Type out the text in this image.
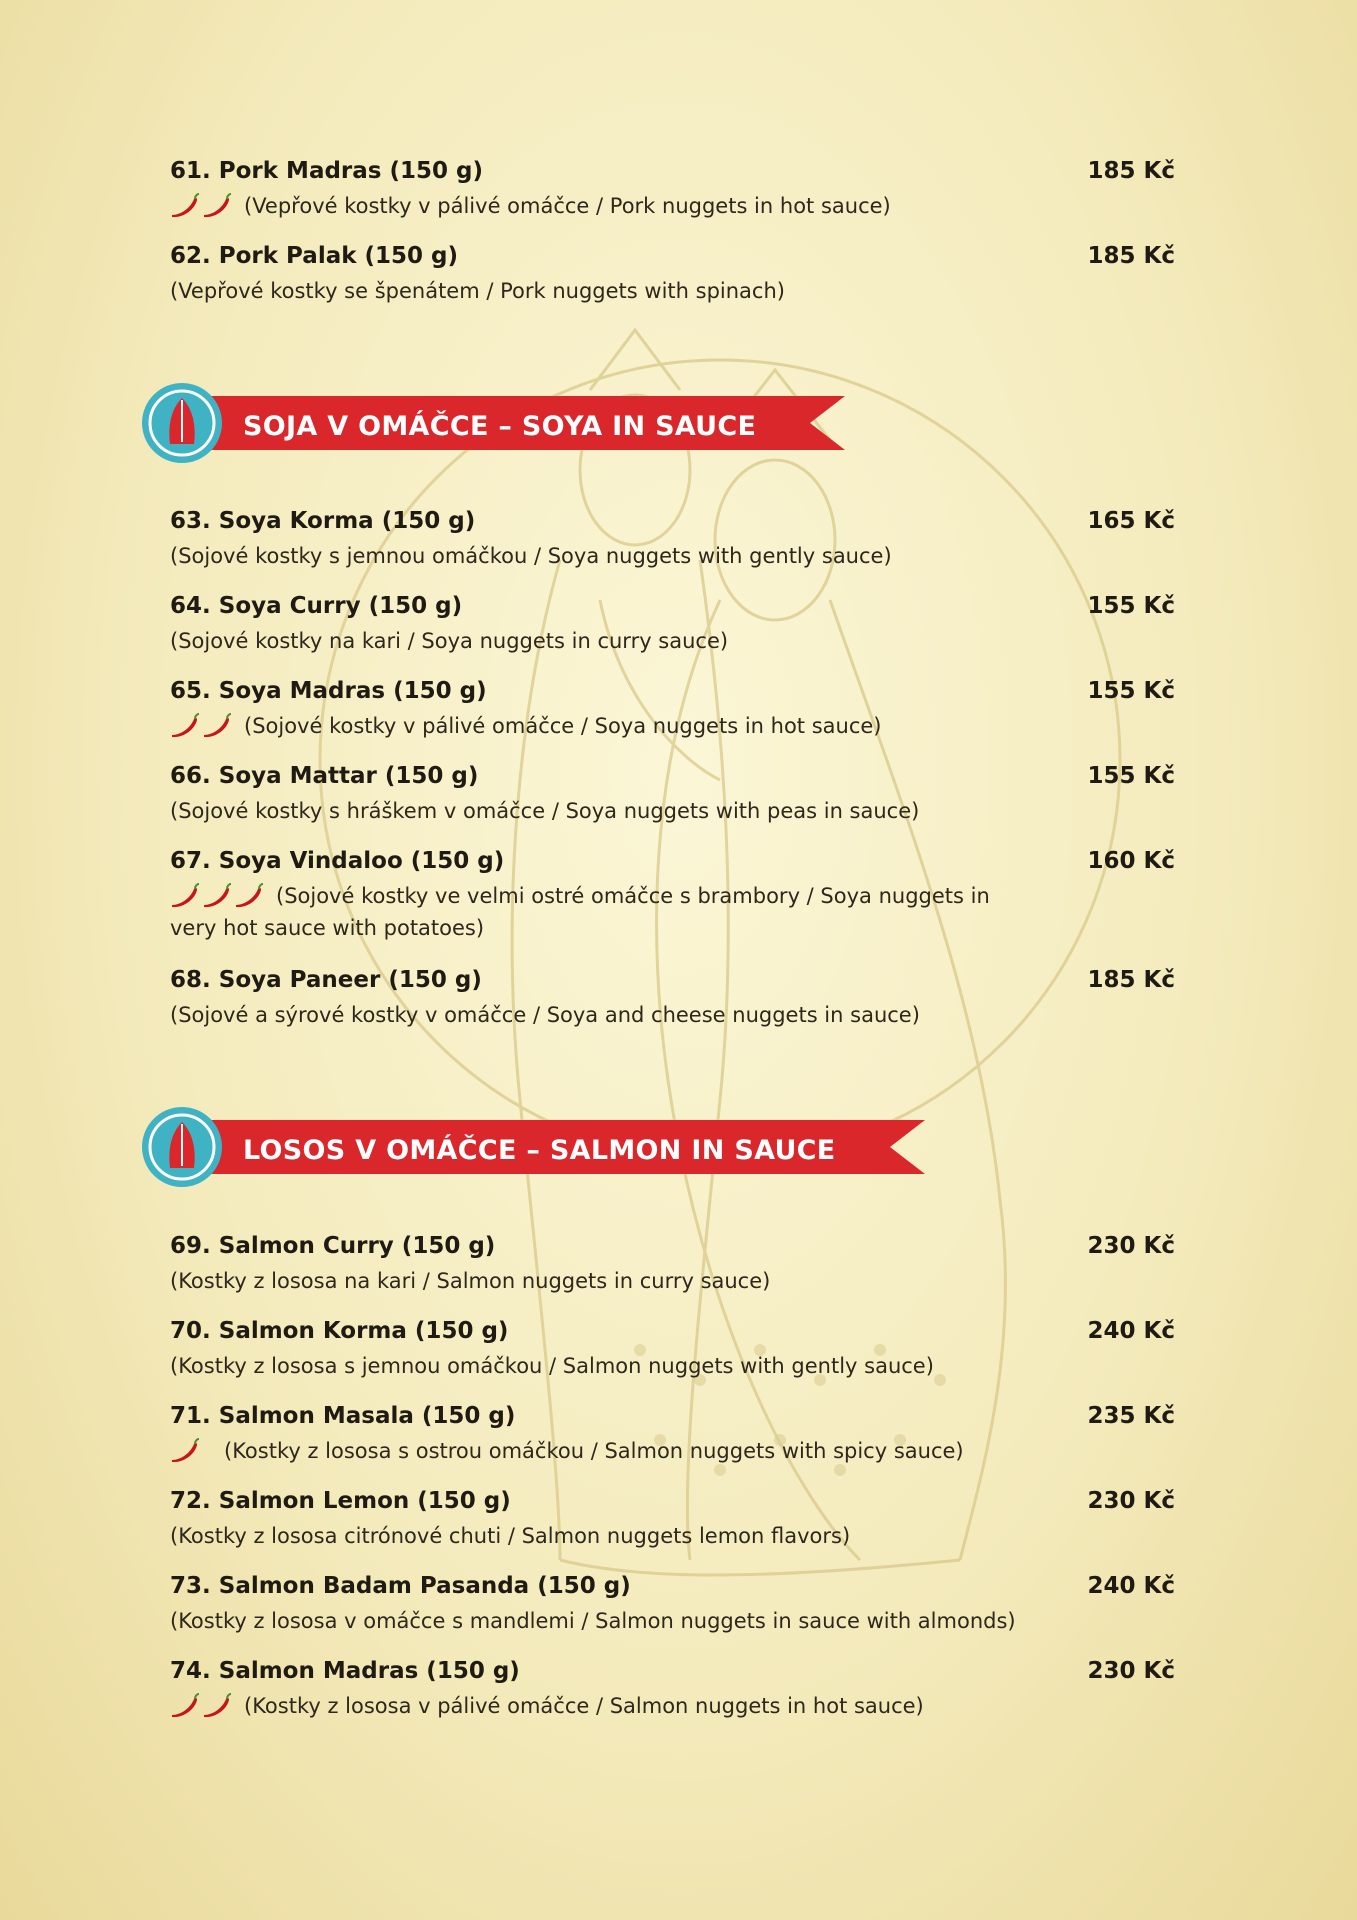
61. Pork Madras (150 g)	185 Kč
(Vepřové kostky v pálivé omáčce / Pork nuggets in hot sauce)
62. Pork Palak (150 g)	185 Kč
(Vepřové kostky se špenátem / Pork nuggets with spinach)
SOJA V OMÁČCE – SOYA IN SAUCE
63. Soya Korma (150 g)	165 Kč
(Sojové kostky s jemnou omáčkou / Soya nuggets with gently sauce)
64. Soya Curry (150 g)	155 Kč
(Sojové kostky na kari / Soya nuggets in curry sauce)
65. Soya Madras (150 g)	155 Kč
(Sojové kostky v pálivé omáčce / Soya nuggets in hot sauce)
66. Soya Mattar (150 g)	155 Kč
(Sojové kostky s hráškem v omáčce / Soya nuggets with peas in sauce)
67. Soya Vindaloo (150 g)	160 Kč
(Sojové kostky ve velmi ostré omáčce s brambory / Soya nuggets in very hot sauce with potatoes)
68. Soya Paneer (150 g)	185 Kč
(Sojové a sýrové kostky v omáčce / Soya and cheese nuggets in sauce)
LOSOS V OMÁČCE – SALMON IN SAUCE
69. Salmon Curry (150 g)	230 Kč
(Kostky z lososa na kari / Salmon nuggets in curry sauce)
70. Salmon Korma (150 g)	240 Kč
(Kostky z lososa s jemnou omáčkou / Salmon nuggets with gently sauce)
71. Salmon Masala (150 g)	235 Kč
(Kostky z lososa s ostrou omáčkou / Salmon nuggets with spicy sauce)
72. Salmon Lemon (150 g)	230 Kč
(Kostky z lososa citrónové chuti / Salmon nuggets lemon flavors)
73. Salmon Badam Pasanda (150 g)	240 Kč
(Kostky z lososa v omáčce s mandlemi / Salmon nuggets in sauce with almonds)
74. Salmon Madras (150 g)	230 Kč
(Kostky z lososa v pálivé omáčce / Salmon nuggets in hot sauce)
